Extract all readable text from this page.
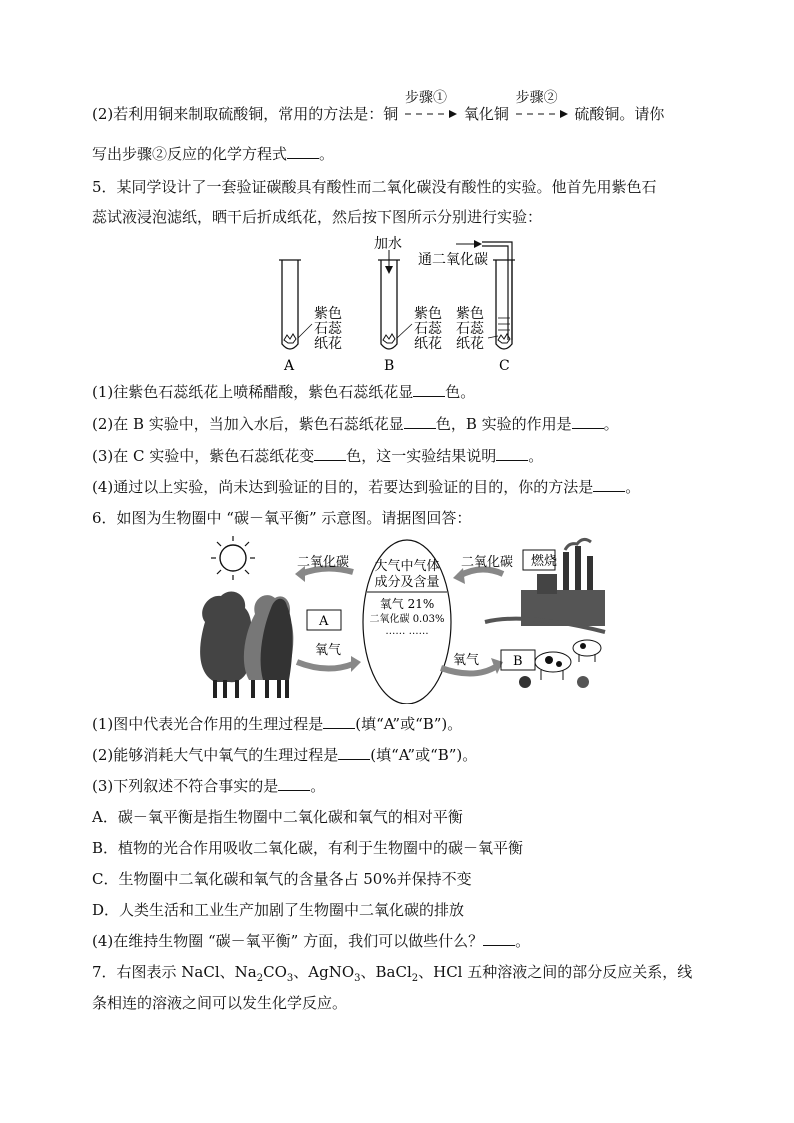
(2)若利用铜来制取硫酸铜，常用的方法是：铜
步骤①
氧化铜
步骤②
硫酸铜。请你
写出步骤②反应的化学方程式 。
5．某同学设计了一套验证碳酸具有酸性而二氧化碳没有酸性的实验。他首先用紫色石
蕊试液浸泡滤纸，晒干后折成纸花，然后按下图所示分别进行实验：
紫色
石蕊
纸花
A
加水
紫色
石蕊
纸花
B
通二氧化碳
紫色
石蕊
纸花
C
(1)往紫色石蕊纸花上喷稀醋酸，紫色石蕊纸花显 色。
(2)在 B 实验中，当加入水后，紫色石蕊纸花显 色，B 实验的作用是 。
(3)在 C 实验中，紫色石蕊纸花变 色，这一实验结果说明 。
(4)通过以上实验，尚未达到验证的目的，若要达到验证的目的，你的方法是 。
6．如图为生物圈中 “碳－氧平衡” 示意图。请据图回答：
二氧化碳
A
氧气
大气中气体
成分及含量
氧气 21%
二氧化碳 0.03%
…… ……
二氧化碳
氧气	B
燃烧
(1)图中代表光合作用的生理过程是 (填“A”或“B”)。
(2)能够消耗大气中氧气的生理过程是 (填“A”或“B”)。
(3)下列叙述不符合事实的是 。
A．碳－氧平衡是指生物圈中二氧化碳和氧气的相对平衡
B．植物的光合作用吸收二氧化碳，有利于生物圈中的碳－氧平衡
C．生物圈中二氧化碳和氧气的含量各占 50%并保持不变
D．人类生活和工业生产加剧了生物圈中二氧化碳的排放
(4)在维持生物圈 “碳－氧平衡” 方面，我们可以做些什么？ 。
7．右图表示 NaCl、$Na_2CO_3$、AgNO$_3$、BaCl$_2$、HCl 五种溶液之间的部分反应关系，线
条相连的溶液之间可以发生化学反应。
